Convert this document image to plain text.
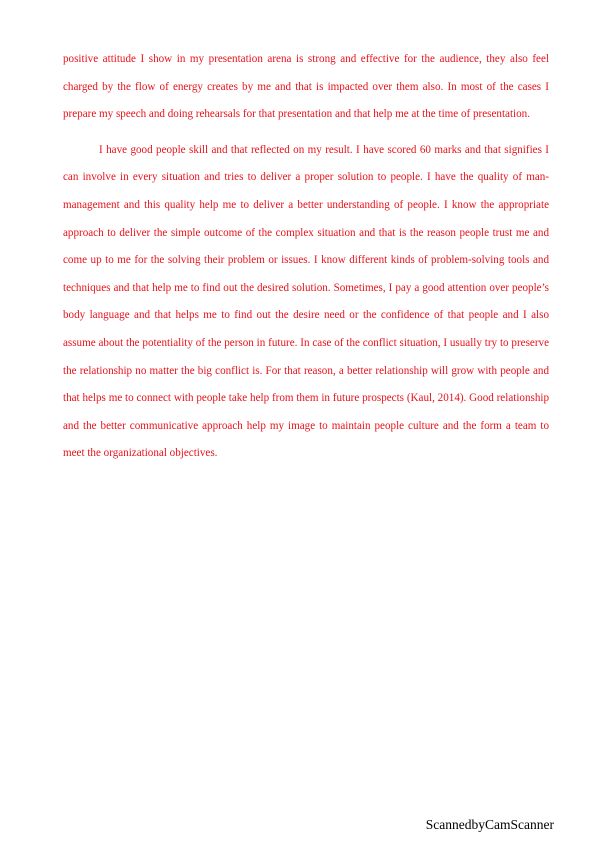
positive attitude I show in my presentation arena is strong and effective for the audience, they also feel charged by the flow of energy creates by me and that is impacted over them also. In most of the cases I prepare my speech and doing rehearsals for that presentation and that help me at the time of presentation.

I have good people skill and that reflected on my result. I have scored 60 marks and that signifies I can involve in every situation and tries to deliver a proper solution to people. I have the quality of man-management and this quality help me to deliver a better understanding of people. I know the appropriate approach to deliver the simple outcome of the complex situation and that is the reason people trust me and come up to me for the solving their problem or issues. I know different kinds of problem-solving tools and techniques and that help me to find out the desired solution. Sometimes, I pay a good attention over people’s body language and that helps me to find out the desire need or the confidence of that people and I also assume about the potentiality of the person in future. In case of the conflict situation, I usually try to preserve the relationship no matter the big conflict is. For that reason, a better relationship will grow with people and that helps me to connect with people take help from them in future prospects (Kaul, 2014). Good relationship and the better communicative approach help my image to maintain people culture and the form a team to meet the organizational objectives.

ScannedbyCamScanner
